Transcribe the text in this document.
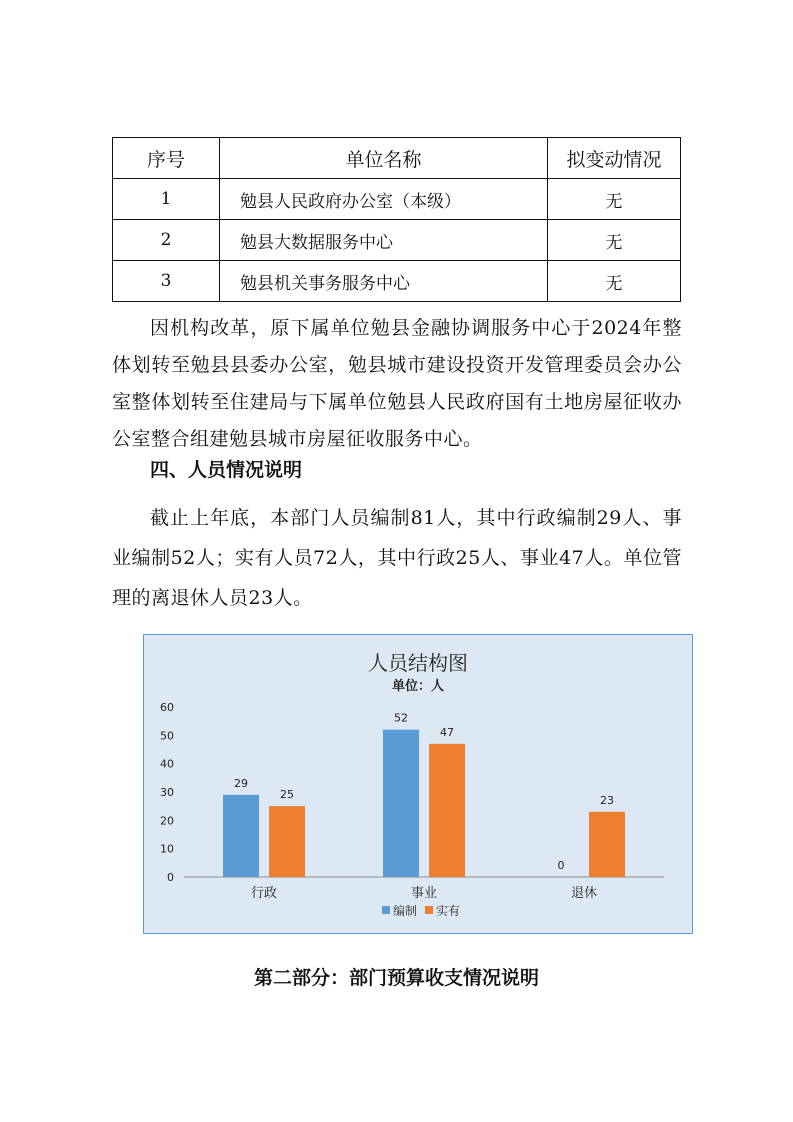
序号	单位名称	拟变动情况
1	勉县人民政府办公室（本级）	无
2	勉县大数据服务中心	无
3	勉县机关事务服务中心	无
因机构改革，原下属单位勉县金融协调服务中心于2024年整体划转至勉县县委办公室，勉县城市建设投资开发管理委员会办公室整体划转至住建局与下属单位勉县人民政府国有土地房屋征收办公室整合组建勉县城市房屋征收服务中心。
四、人员情况说明
截止上年底，本部门人员编制81人，其中行政编制29人、事业编制52人；实有人员72人，其中行政25人、事业47人。单位管理的离退休人员23人。
人员结构图
单位：人
0
10
20
30
40
50
60
29
25
52
47
0
23
行政	事业	退休
编制 实有
第二部分：部门预算收支情况说明
